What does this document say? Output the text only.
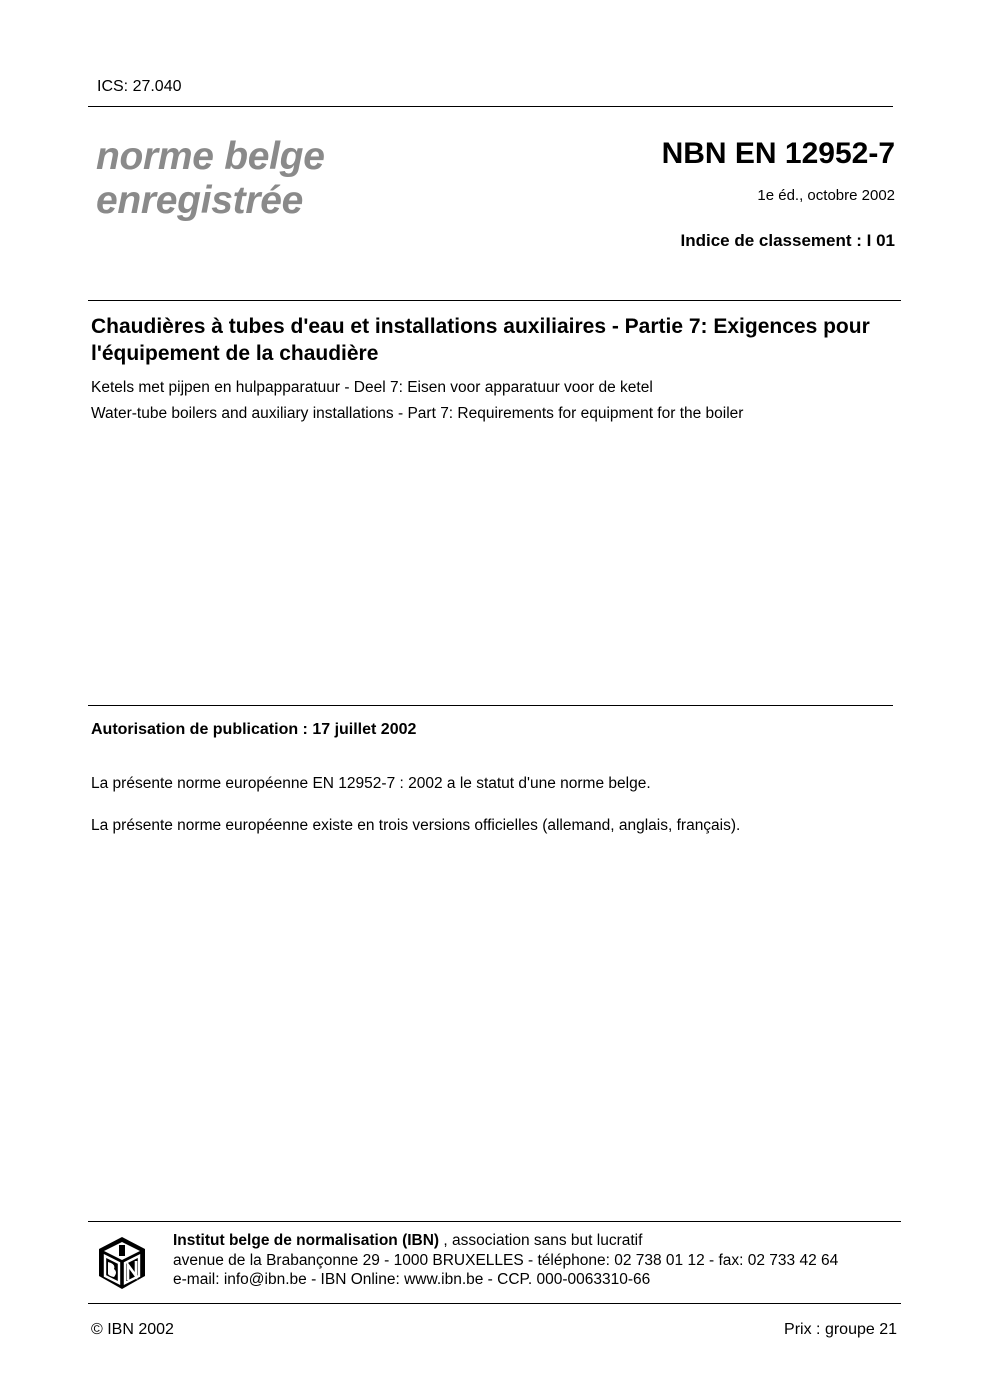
ICS: 27.040
norme belge
enregistrée
NBN EN 12952-7
1e éd., octobre 2002
Indice de classement : I 01
Chaudières à tubes d'eau et installations auxiliaires - Partie 7: Exigences pour l'équipement de la chaudière
Ketels met pijpen en hulpapparatuur - Deel 7: Eisen voor apparatuur voor de ketel
Water-tube boilers and auxiliary installations - Part 7: Requirements for equipment for the boiler
Autorisation de publication : 17 juillet 2002
La présente norme européenne EN 12952-7 : 2002 a le statut d'une norme belge.
La présente norme européenne existe en trois versions officielles (allemand, anglais, français).
Institut belge de normalisation (IBN) , association sans but lucratif
avenue de la Brabançonne 29 - 1000 BRUXELLES - téléphone: 02 738 01 12 - fax: 02 733 42 64
e-mail: info@ibn.be - IBN Online: www.ibn.be - CCP. 000-0063310-66
© IBN 2002	Prix : groupe 21
